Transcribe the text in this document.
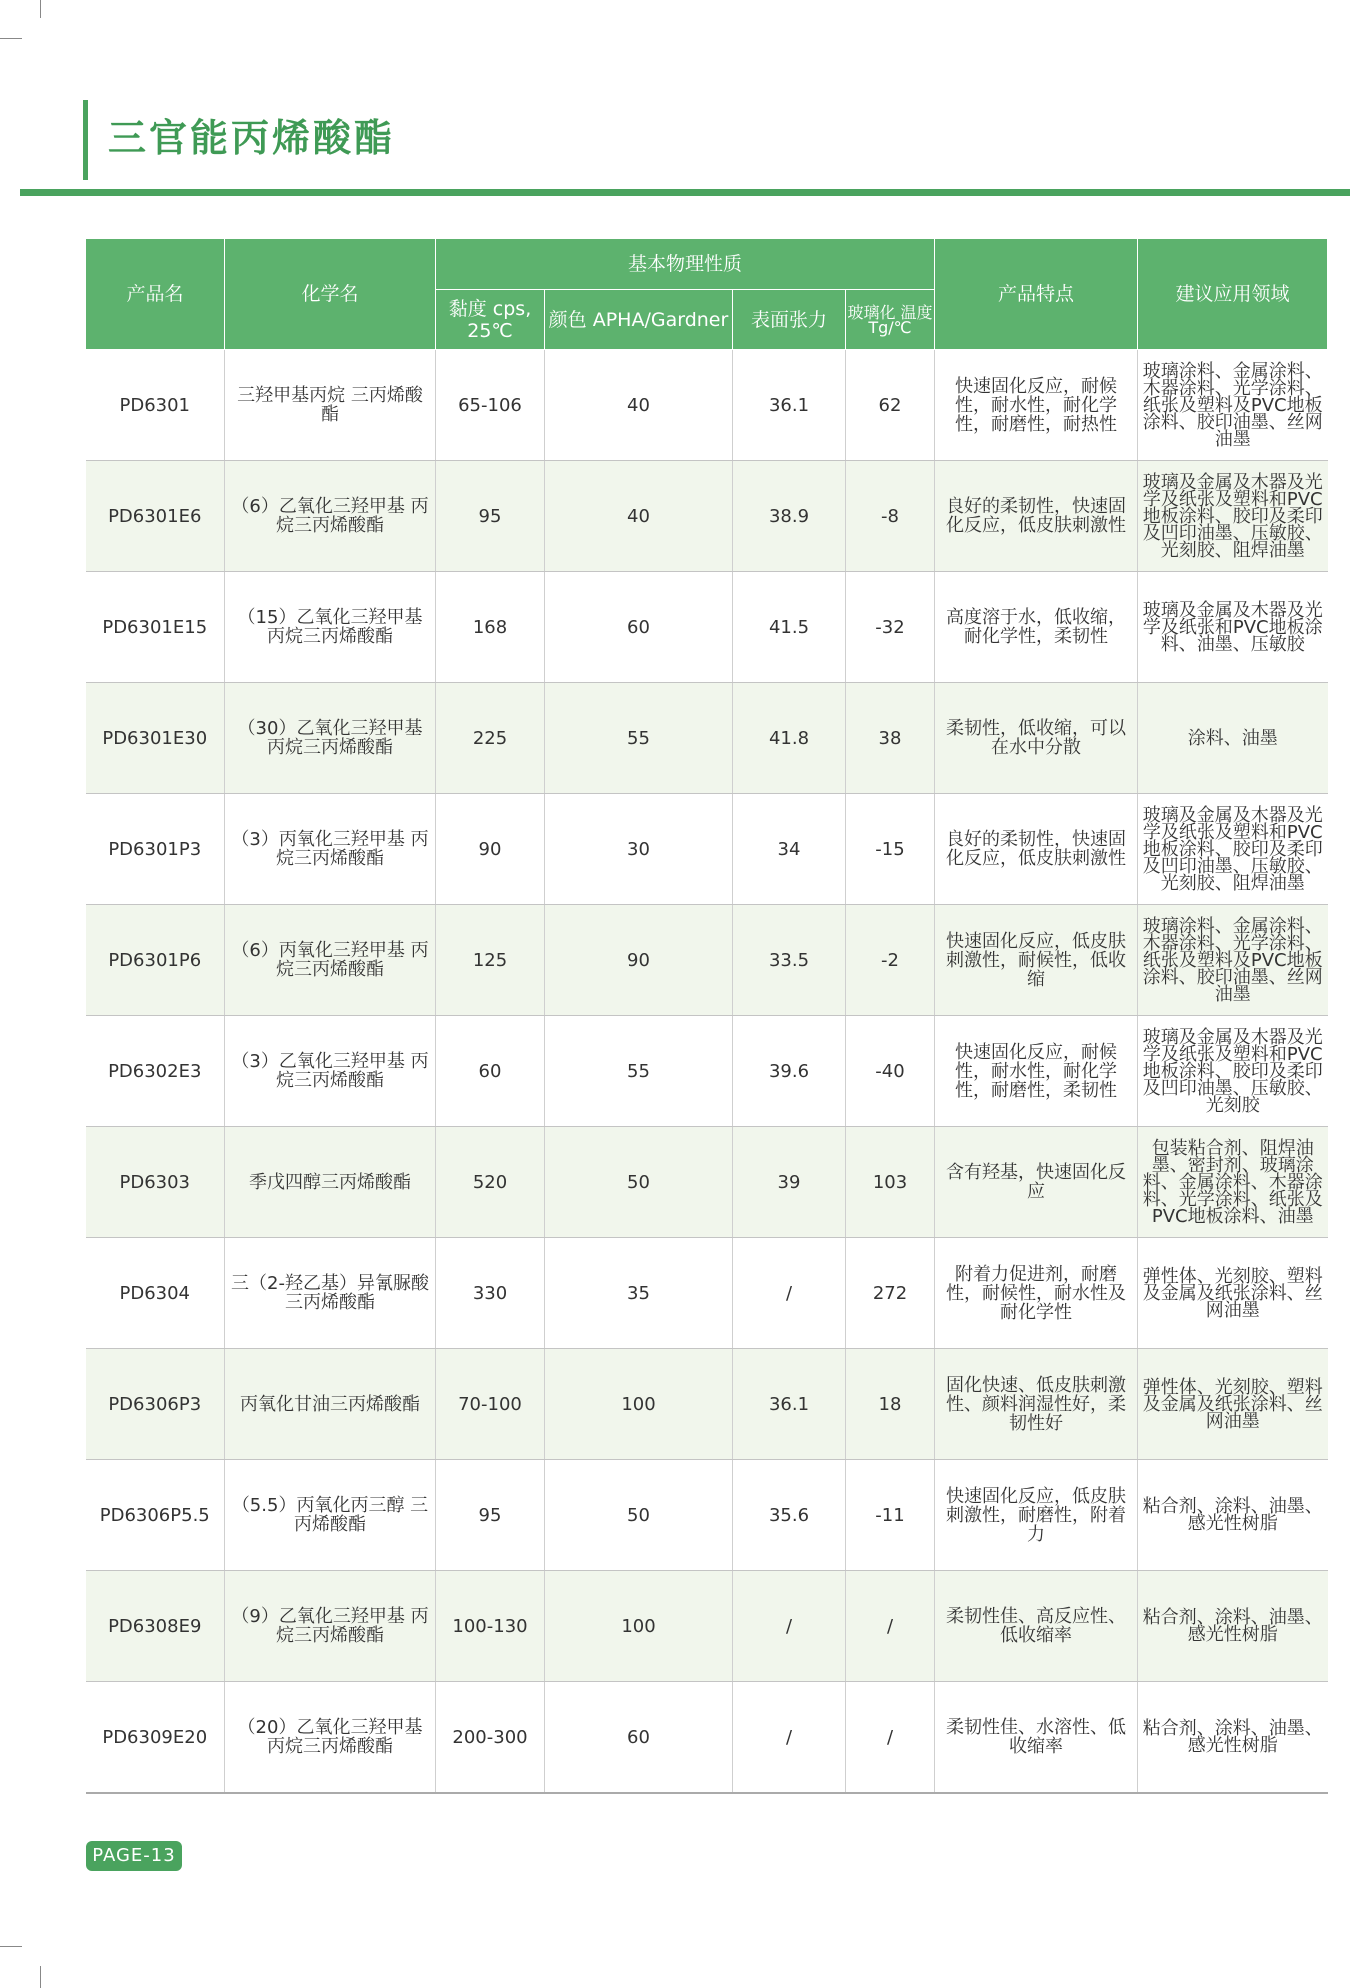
三官能丙烯酸酯
产品名	化学名	基本物理性质				产品特点	建议应用领域
		黏度 cps, 25℃	颜色 APHA/Gardner	表面张力	玻璃化 温度 Tg/℃		
PD6301	三羟甲基丙烷 三丙烯酸酯	65-106	40	36.1	62	快速固化反应，耐候性，耐水性，耐化学性，耐磨性，耐热性	玻璃涂料、金属涂料、木器涂料、光学涂料、纸张及塑料及PVC地板涂料、胶印油墨、丝网油墨
PD6301E6	（6）乙氧化三羟甲基 丙烷三丙烯酸酯	95	40	38.9	-8	良好的柔韧性，快速固化反应，低皮肤刺激性	玻璃及金属及木器及光学及纸张及塑料和PVC地板涂料、胶印及柔印及凹印油墨、压敏胶、光刻胶、阻焊油墨
PD6301E15	（15）乙氧化三羟甲基 丙烷三丙烯酸酯	168	60	41.5	-32	高度溶于水，低收缩，耐化学性，柔韧性	玻璃及金属及木器及光学及纸张和PVC地板涂料、油墨、压敏胶
PD6301E30	（30）乙氧化三羟甲基 丙烷三丙烯酸酯	225	55	41.8	38	柔韧性，低收缩，可以在水中分散	涂料、油墨
PD6301P3	（3）丙氧化三羟甲基 丙烷三丙烯酸酯	90	30	34	-15	良好的柔韧性，快速固化反应，低皮肤刺激性	玻璃及金属及木器及光学及纸张及塑料和PVC地板涂料、胶印及柔印及凹印油墨、压敏胶、光刻胶、阻焊油墨
PD6301P6	（6）丙氧化三羟甲基 丙烷三丙烯酸酯	125	90	33.5	-2	快速固化反应，低皮肤刺激性，耐候性，低收缩	玻璃涂料、金属涂料、木器涂料、光学涂料、纸张及塑料及PVC地板涂料、胶印油墨、丝网油墨
PD6302E3	（3）乙氧化三羟甲基 丙烷三丙烯酸酯	60	55	39.6	-40	快速固化反应，耐候性，耐水性，耐化学性，耐磨性，柔韧性	玻璃及金属及木器及光学及纸张及塑料和PVC地板涂料、胶印及柔印及凹印油墨、压敏胶、光刻胶
PD6303	季戊四醇三丙烯酸酯	520	50	39	103	含有羟基，快速固化反应	包装粘合剂、阻焊油墨、密封剂、玻璃涂料、金属涂料、木器涂料、光学涂料、纸张及PVC地板涂料、油墨
PD6304	三（2-羟乙基）异氰脲酸 三丙烯酸酯	330	35	/	272	附着力促进剂，耐磨性，耐候性，耐水性及耐化学性	弹性体、光刻胶、塑料及金属及纸张涂料、丝网油墨
PD6306P3	丙氧化甘油三丙烯酸酯	70-100	100	36.1	18	固化快速、低皮肤刺激性、颜料润湿性好，柔韧性好	弹性体、光刻胶、塑料及金属及纸张涂料、丝网油墨
PD6306P5.5	（5.5）丙氧化丙三醇 三丙烯酸酯	95	50	35.6	-11	快速固化反应，低皮肤刺激性，耐磨性，附着力	粘合剂、涂料、油墨、感光性树脂
PD6308E9	（9）乙氧化三羟甲基 丙烷三丙烯酸酯	100-130	100	/	/	柔韧性佳、高反应性、低收缩率	粘合剂、涂料、油墨、感光性树脂
PD6309E20	（20）乙氧化三羟甲基 丙烷三丙烯酸酯	200-300	60	/	/	柔韧性佳、水溶性、低收缩率	粘合剂、涂料、油墨、感光性树脂
PAGE-13
